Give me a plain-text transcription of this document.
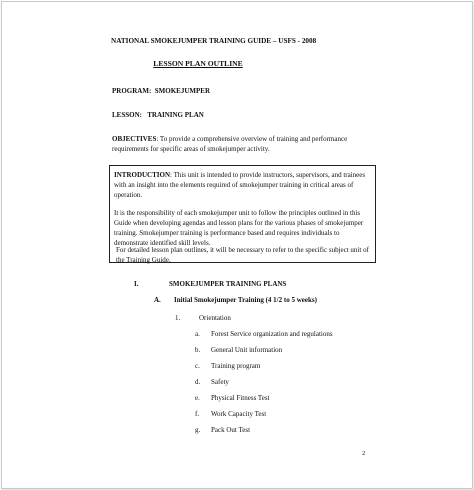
NATIONAL SMOKEJUMPER TRAINING GUIDE – USFS - 2008
LESSON PLAN OUTLINE
PROGRAM: SMOKEJUMPER
LESSON: TRAINING PLAN
OBJECTIVES: To provide a comprehensive overview of training and performance requirements for specific areas of smokejumper activity.
INTRODUCTION: This unit is intended to provide instructors, supervisors, and trainees with an insight into the elements required of smokejumper training in critical areas of operation.
It is the responsibility of each smokejumper unit to follow the principles outlined in this Guide when developing agendas and lesson plans for the various phases of smokejumper training. Smokejumper training is performance based and requires individuals to demonstrate identified skill levels.
For detailed lesson plan outlines, it will be necessary to refer to the specific subject unit of the Training Guide.
I.	SMOKEJUMPER TRAINING PLANS
A. Initial Smokejumper Training (4 1/2 to 5 weeks)
1.	Orientation
a. Forest Service organization and regulations
b. General Unit information
c. Training program
d. Safety
e. Physical Fitness Test
f. Work Capacity Test
g. Pack Out Test
2
